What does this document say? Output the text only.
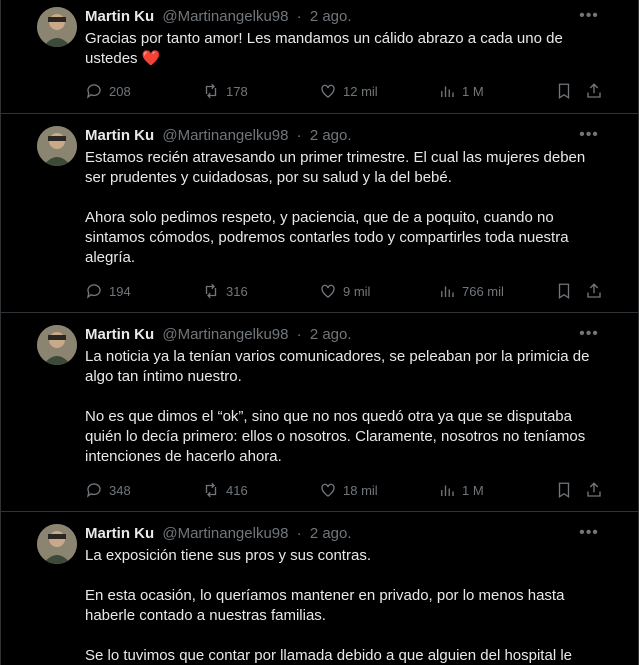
Martin Ku @Martinangelku98 · 2 ago.	•••

Gracias por tanto amor! Les mandamos un cálido abrazo a cada uno de ustedes ❤️

208	178	12 mil	1 M
Martin Ku @Martinangelku98 · 2 ago.	•••

Estamos recién atravesando un primer trimestre. El cual las mujeres deben ser prudentes y cuidadosas, por su salud y la del bebé.

Ahora solo pedimos respeto, y paciencia, que de a poquito, cuando no sintamos cómodos, podremos contarles todo y compartirles toda nuestra alegría.

194	316	9 mil	766 mil
Martin Ku @Martinangelku98 · 2 ago.	•••

La noticia ya la tenían varios comunicadores, se peleaban por la primicia de algo tan íntimo nuestro.

No es que dimos el “ok”, sino que no nos quedó otra ya que se disputaba quién lo decía primero: ellos o nosotros. Claramente, nosotros no teníamos intenciones de hacerlo ahora.

348	416	18 mil	1 M
Martin Ku @Martinangelku98 · 2 ago.	•••

La exposición tiene sus pros y sus contras.

En esta ocasión, lo queríamos mantener en privado, por lo menos hasta haberle contado a nuestras familias.

Se lo tuvimos que contar por llamada debido a que alguien del hospital le
